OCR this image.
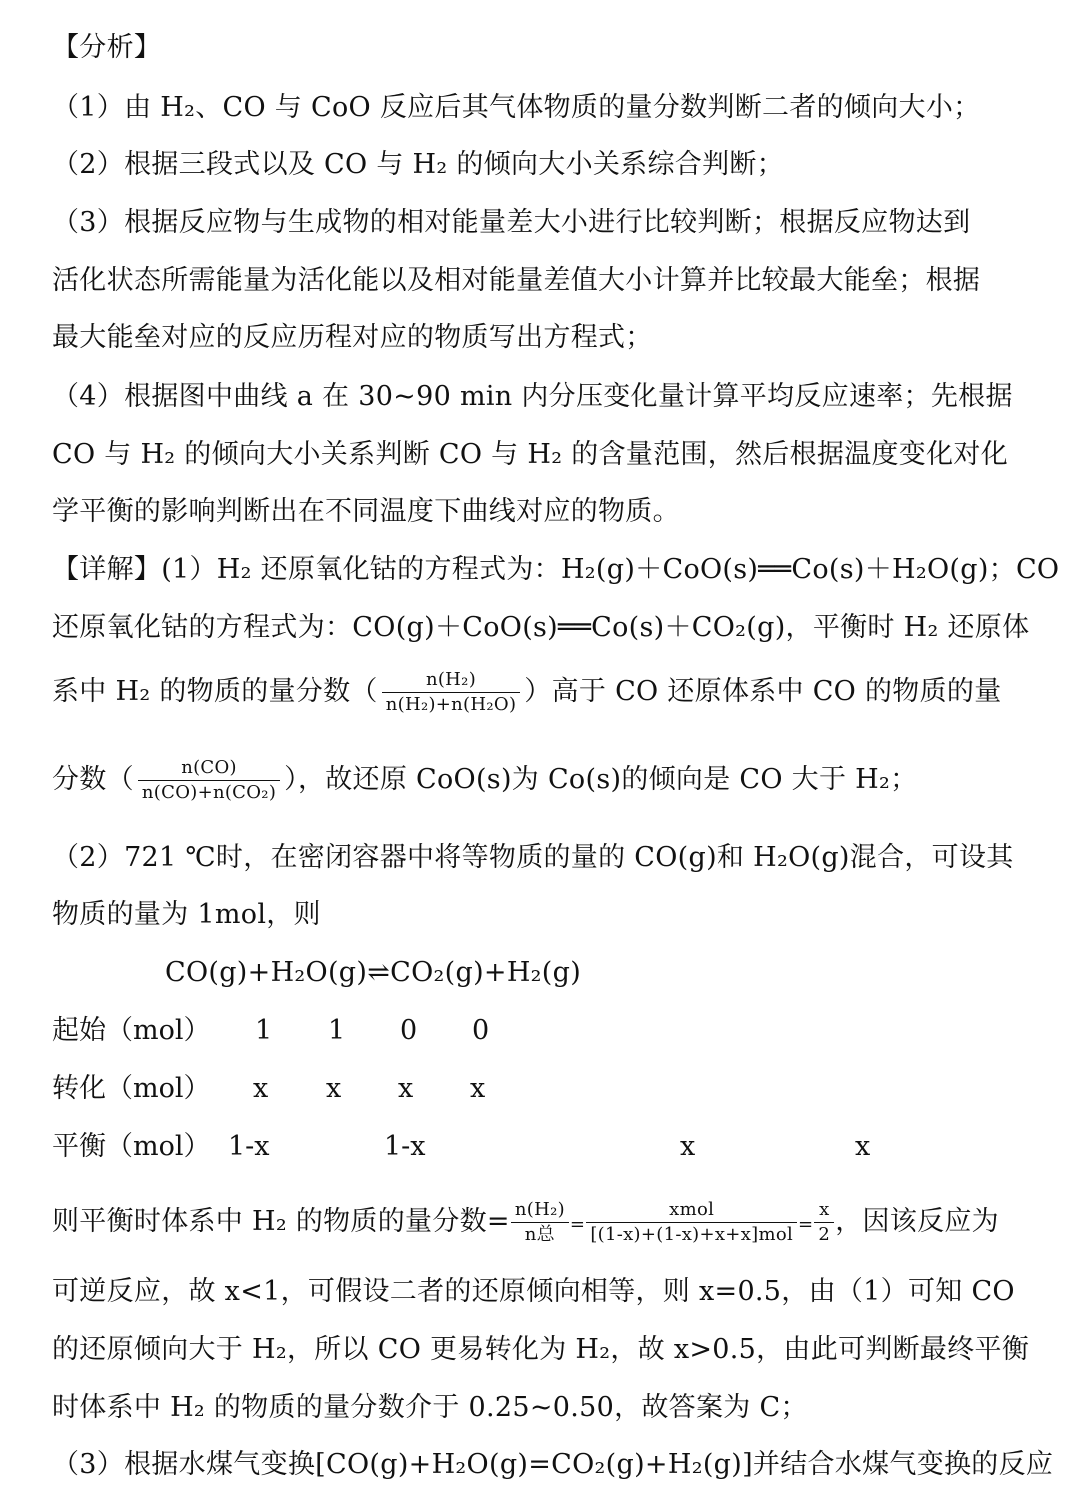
【分析】
（1）由 H₂、CO 与 CoO 反应后其气体物质的量分数判断二者的倾向大小；
（2）根据三段式以及 CO 与 H₂ 的倾向大小关系综合判断；
（3）根据反应物与生成物的相对能量差大小进行比较判断；根据反应物达到
活化状态所需能量为活化能以及相对能量差值大小计算并比较最大能垒；根据
最大能垒对应的反应历程对应的物质写出方程式；
（4）根据图中曲线 a 在 30~90 min 内分压变化量计算平均反应速率；先根据
CO 与 H₂ 的倾向大小关系判断 CO 与 H₂ 的含量范围，然后根据温度变化对化
学平衡的影响判断出在不同温度下曲线对应的物质。
【详解】(1）H₂ 还原氧化钴的方程式为：H₂(g)＋CoO(s)══Co(s)＋H₂O(g)；CO
还原氧化钴的方程式为：CO(g)＋CoO(s)══Co(s)＋CO₂(g)，平衡时 H₂ 还原体
系中 H₂ 的物质的量分数（ $\frac{\text{n(H₂)}}{\text{n(H₂)+n(H₂O)}}$ ）高于 CO 还原体系中 CO 的物质的量
分数（ $\frac{n(CO)}{\text{n(CO)+n(CO₂)}}$ ），故还原 CoO(s)为 Co(s)的倾向是 CO 大于 H₂；
（2）721 ℃时，在密闭容器中将等物质的量的 CO(g)和 H₂O(g)混合，可设其
物质的量为 1mol，则
CO(g)+H₂O(g)⇌CO₂(g)+H₂(g)
起始（mol） 1 1 0 0
转化（mol） x x x x
平衡（mol） 1-x	1-x	x	x
则平衡时体系中 H₂ 的物质的量分数= $\frac{\text{n(H₂)}}{\text{n总}} = \frac{\text{xmol}}{\text{[(1-x)+(1-x)+x+x]mol}} = \frac{x}{2}$ ，因该反应为
可逆反应，故 x<1，可假设二者的还原倾向相等，则 x=0.5，由（1）可知 CO
的还原倾向大于 H₂，所以 CO 更易转化为 H₂，故 x>0.5，由此可判断最终平衡
时体系中 H₂ 的物质的量分数介于 0.25~0.50，故答案为 C；
（3）根据水煤气变换[CO(g)+H₂O(g)=CO₂(g)+H₂(g)]并结合水煤气变换的反应
